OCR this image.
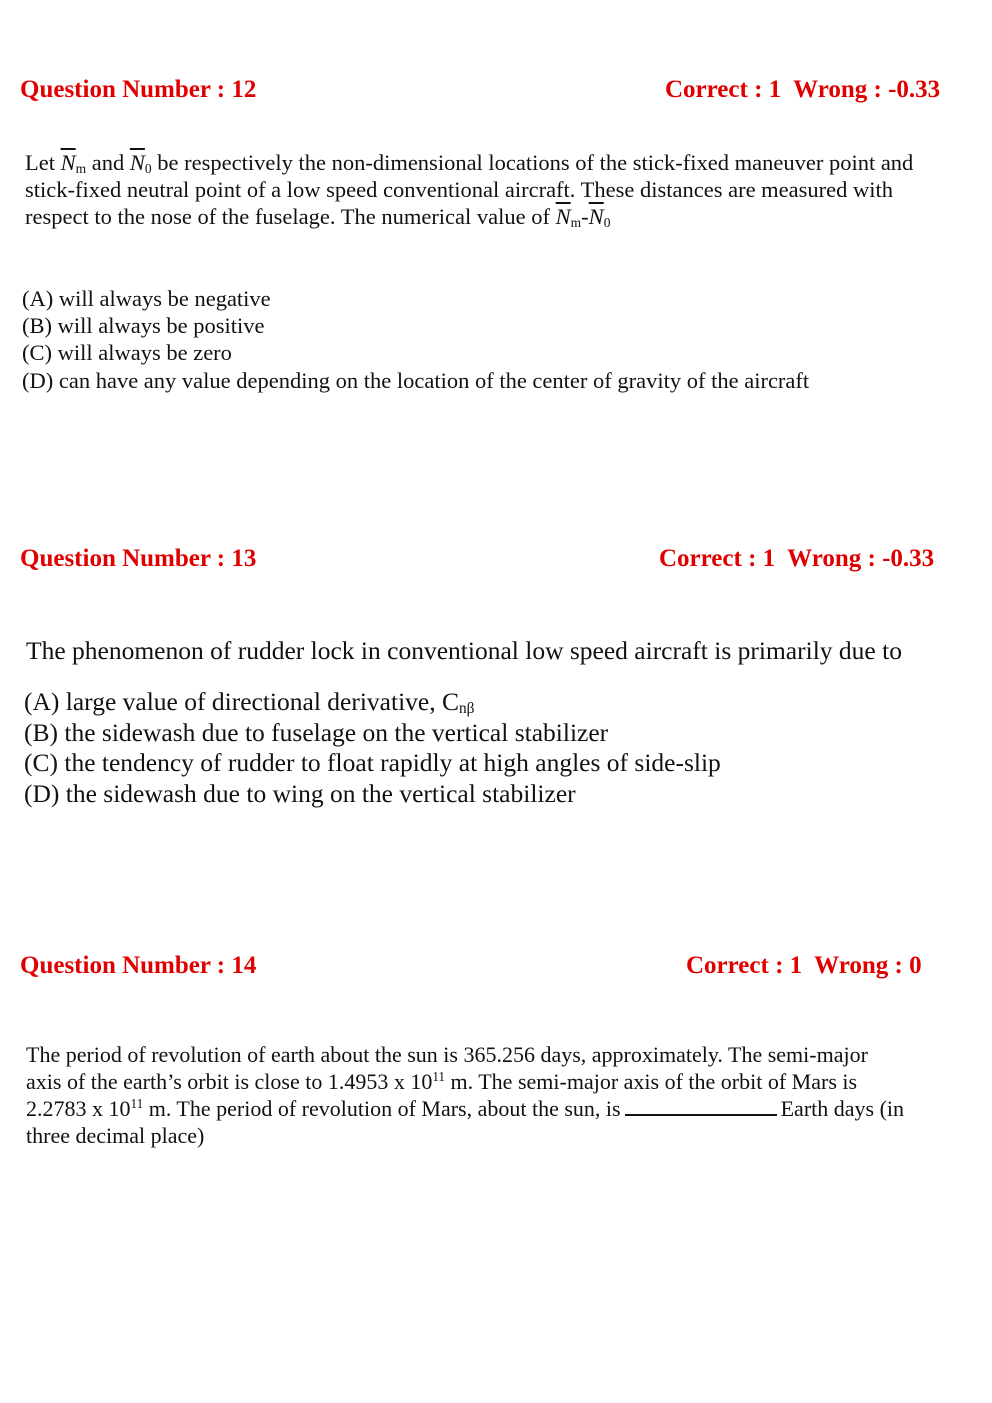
Question Number : 12	Correct : 1  Wrong : -0.33
Let $\overline{N}_m$ and $\overline{N}_0$ be respectively the non-dimensional locations of the stick-fixed maneuver point and
stick-fixed neutral point of a low speed conventional aircraft. These distances are measured with
respect to the nose of the fuselage. The numerical value of $\overline{N}_m-\overline{N}_0$
(A) will always be negative
(B) will always be positive
(C) will always be zero
(D) can have any value depending on the location of the center of gravity of the aircraft
Question Number : 13	Correct : 1  Wrong : -0.33
The phenomenon of rudder lock in conventional low speed aircraft is primarily due to
(A) large value of directional derivative, $C_{n\beta}$
(B) the sidewash due to fuselage on the vertical stabilizer
(C) the tendency of rudder to float rapidly at high angles of side-slip
(D) the sidewash due to wing on the vertical stabilizer
Question Number : 14	Correct : 1  Wrong : 0
The period of revolution of earth about the sun is 365.256 days, approximately. The semi-major
axis of the earth’s orbit is close to 1.4953 x $10^{11}$ m. The semi-major axis of the orbit of Mars is
2.2783 x $10^{11}$ m. The period of revolution of Mars, about the sun, is	Earth days (in
three decimal place)
